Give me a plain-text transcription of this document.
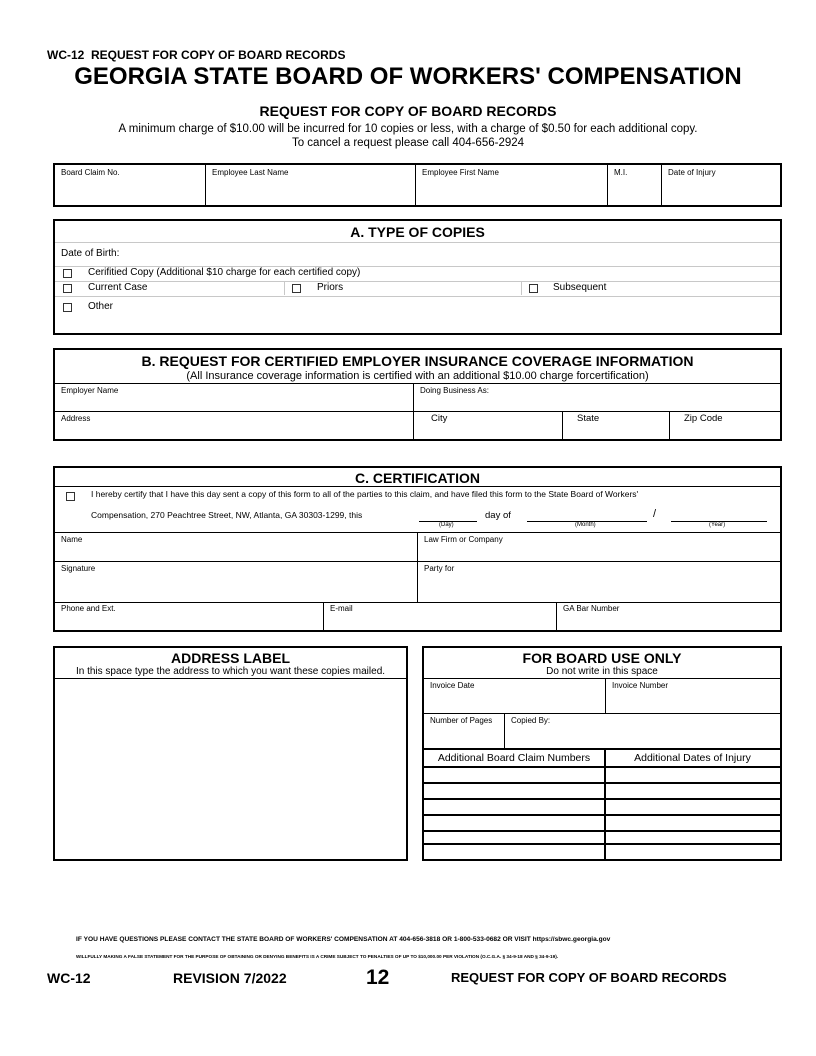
WC-12  REQUEST FOR COPY OF BOARD RECORDS
GEORGIA STATE BOARD OF WORKERS' COMPENSATION
REQUEST FOR COPY OF BOARD RECORDS
A minimum charge of $10.00 will be incurred for 10 copies or less, with a charge of $0.50 for each additional copy.
To cancel a request please call 404-656-2924
Board Claim No.	Employee Last Name	Employee First Name	M.I.	Date of Injury
A. TYPE OF COPIES
Date of Birth:
Cerifitied Copy (Additional $10 charge for each certified copy)
Current Case	Priors	Subsequent
Other
B. REQUEST FOR CERTIFIED EMPLOYER INSURANCE COVERAGE INFORMATION
(All Insurance coverage information is certified with an additional $10.00 charge forcertification)
Employer Name	Doing Business As:
Address	City	State	Zip Code
C. CERTIFICATION
I hereby certify that I have this day sent a copy of this form to all of the parties to this claim, and have filed this form to the State Board of Workers'
Compensation, 270 Peachtree Street, NW, Atlanta, GA 30303-1299, this
(Day)
day of
(Month)
/
(Year)
Name	Law Firm or Company
Signature	Party for
Phone and Ext.	E-mail	GA Bar Number
ADDRESS LABEL
In this space type the address to which you want these copies mailed.
FOR BOARD USE ONLY
Do not write in this space
Invoice Date	Invoice Number
Number of Pages Copied By:
Additional Board Claim Numbers	Additional Dates of Injury
IF YOU HAVE QUESTIONS PLEASE CONTACT THE STATE BOARD OF WORKERS' COMPENSATION AT 404-656-3818 OR 1-800-533-0682 OR VISIT https://sbwc.georgia.gov
WILLFULLY MAKING A FALSE STATEMENT FOR THE PURPOSE OF OBTAINING OR DENYING BENEFITS IS A CRIME SUBJECT TO PENALTIES OF UP TO $10,000.00 PER VIOLATION (O.C.G.A. § 34-9-18 AND § 34-9-19).
WC-12	REVISION 7/2022	12	REQUEST FOR COPY OF BOARD RECORDS
